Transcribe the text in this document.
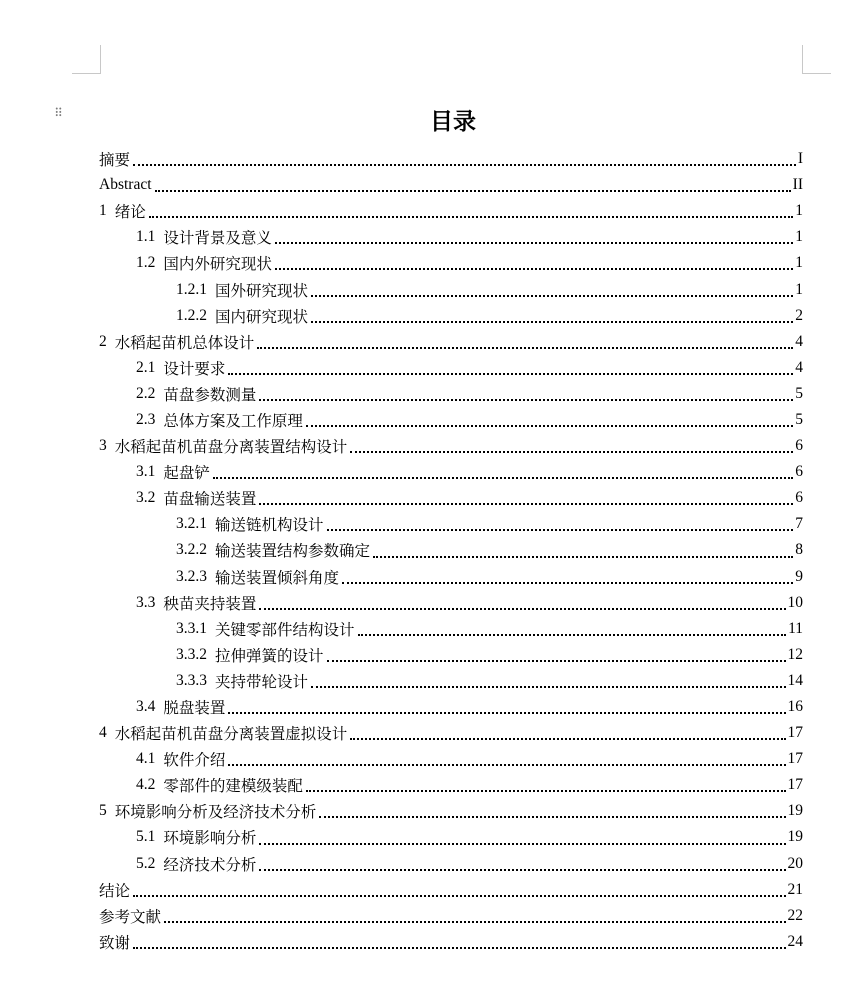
⠿	目录
摘要	I
Abstract	II
1 绪论	1
1.1 设计背景及意义	1
1.2 国内外研究现状	1
1.2.1 国外研究现状	1
1.2.2 国内研究现状	2
2 水稻起苗机总体设计	4
2.1 设计要求	4
2.2 苗盘参数测量	5
2.3 总体方案及工作原理	5
3 水稻起苗机苗盘分离装置结构设计	6
3.1 起盘铲	6
3.2 苗盘输送装置	6
3.2.1 输送链机构设计	7
3.2.2 输送装置结构参数确定	8
3.2.3 输送装置倾斜角度	9
3.3 秧苗夹持装置	10
3.3.1 关键零部件结构设计	11
3.3.2 拉伸弹簧的设计	12
3.3.3 夹持带轮设计	14
3.4 脱盘装置	16
4 水稻起苗机苗盘分离装置虚拟设计	17
4.1 软件介绍	17
4.2 零部件的建模级装配	17
5 环境影响分析及经济技术分析	19
5.1 环境影响分析	19
5.2 经济技术分析	20
结论	21
参考文献	22
致谢	24
